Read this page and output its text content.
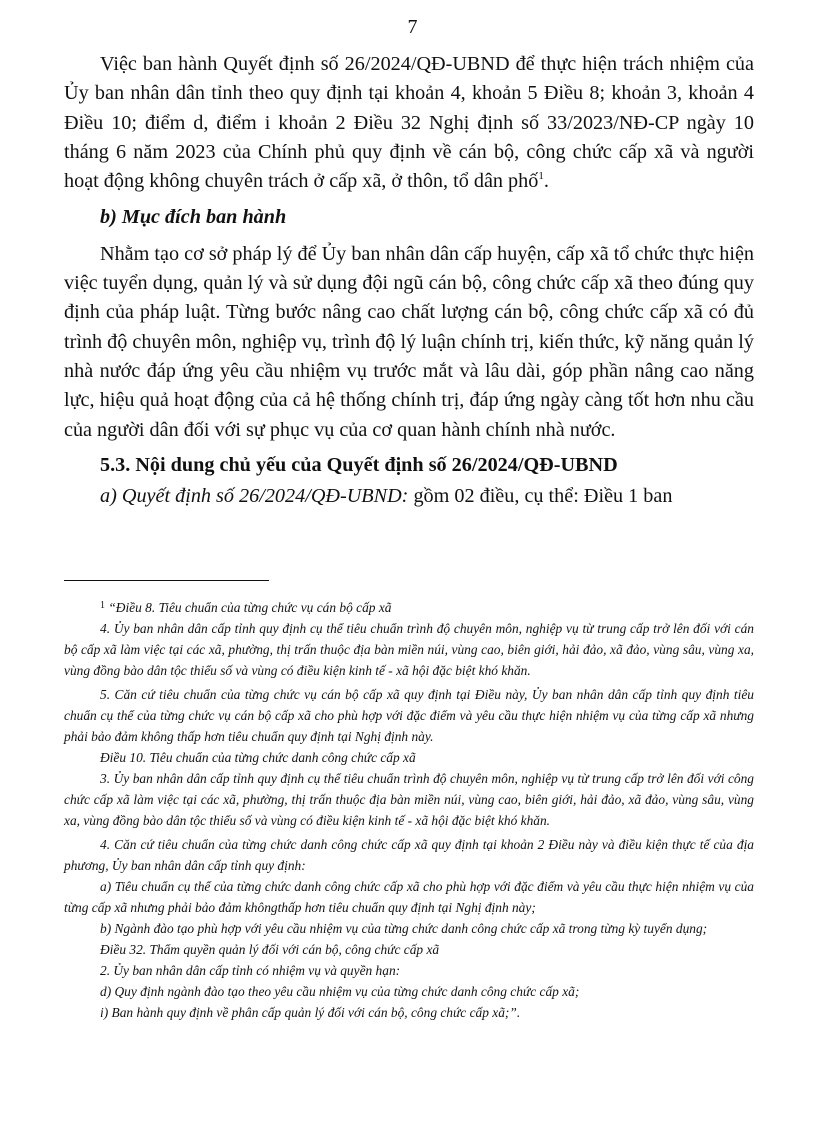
7

Việc ban hành Quyết định số 26/2024/QĐ-UBND để thực hiện trách nhiệm của Ủy ban nhân dân tỉnh theo quy định tại khoản 4, khoản 5 Điều 8; khoản 3, khoản 4 Điều 10; điểm d, điểm i khoản 2 Điều 32 Nghị định số 33/2023/NĐ-CP ngày 10 tháng 6 năm 2023 của Chính phủ quy định về cán bộ, công chức cấp xã và người hoạt động không chuyên trách ở cấp xã, ở thôn, tổ dân phố$^1$.

b) Mục đích ban hành

Nhằm tạo cơ sở pháp lý để Ủy ban nhân dân cấp huyện, cấp xã tổ chức thực hiện việc tuyển dụng, quản lý và sử dụng đội ngũ cán bộ, công chức cấp xã theo đúng quy định của pháp luật. Từng bước nâng cao chất lượng cán bộ, công chức cấp xã có đủ trình độ chuyên môn, nghiệp vụ, trình độ lý luận chính trị, kiến thức, kỹ năng quản lý nhà nước đáp ứng yêu cầu nhiệm vụ trước mắt và lâu dài, góp phần nâng cao năng lực, hiệu quả hoạt động của cả hệ thống chính trị, đáp ứng ngày càng tốt hơn nhu cầu của người dân đối với sự phục vụ của cơ quan hành chính nhà nước.

5.3. Nội dung chủ yếu của Quyết định số 26/2024/QĐ-UBND

a) Quyết định số 26/2024/QĐ-UBND: gồm 02 điều, cụ thể: Điều 1 ban

$^1$ “Điều 8. Tiêu chuẩn của từng chức vụ cán bộ cấp xã

4. Ủy ban nhân dân cấp tỉnh quy định cụ thể tiêu chuẩn trình độ chuyên môn, nghiệp vụ từ trung cấp trở lên đối với cán bộ cấp xã làm việc tại các xã, phường, thị trấn thuộc địa bàn miền núi, vùng cao, biên giới, hải đảo, xã đảo, vùng sâu, vùng xa, vùng đồng bào dân tộc thiểu số và vùng có điều kiện kinh tế - xã hội đặc biệt khó khăn.

5. Căn cứ tiêu chuẩn của từng chức vụ cán bộ cấp xã quy định tại Điều này, Ủy ban nhân dân cấp tỉnh quy định tiêu chuẩn cụ thể của từng chức vụ cán bộ cấp xã cho phù hợp với đặc điểm và yêu cầu thực hiện nhiệm vụ của từng cấp xã nhưng phải bảo đảm không thấp hơn tiêu chuẩn quy định tại Nghị định này.

Điều 10. Tiêu chuẩn của từng chức danh công chức cấp xã

3. Ủy ban nhân dân cấp tỉnh quy định cụ thể tiêu chuẩn trình độ chuyên môn, nghiệp vụ từ trung cấp trở lên đối với công chức cấp xã làm việc tại các xã, phường, thị trấn thuộc địa bàn miền núi, vùng cao, biên giới, hải đảo, xã đảo, vùng sâu, vùng xa, vùng đồng bào dân tộc thiểu số và vùng có điều kiện kinh tế - xã hội đặc biệt khó khăn.

4. Căn cứ tiêu chuẩn của từng chức danh công chức cấp xã quy định tại khoản 2 Điều này và điều kiện thực tế của địa phương, Ủy ban nhân dân cấp tỉnh quy định:

a) Tiêu chuẩn cụ thể của từng chức danh công chức cấp xã cho phù hợp với đặc điểm và yêu cầu thực hiện nhiệm vụ của từng cấp xã nhưng phải bảo đảm khôngthấp hơn tiêu chuẩn quy định tại Nghị định này;

b) Ngành đào tạo phù hợp với yêu cầu nhiệm vụ của từng chức danh công chức cấp xã trong từng kỳ tuyển dụng;

Điều 32. Thẩm quyền quản lý đối với cán bộ, công chức cấp xã

2. Ủy ban nhân dân cấp tỉnh có nhiệm vụ và quyền hạn:

d) Quy định ngành đào tạo theo yêu cầu nhiệm vụ của từng chức danh công chức cấp xã;

i) Ban hành quy định về phân cấp quản lý đối với cán bộ, công chức cấp xã;”.
